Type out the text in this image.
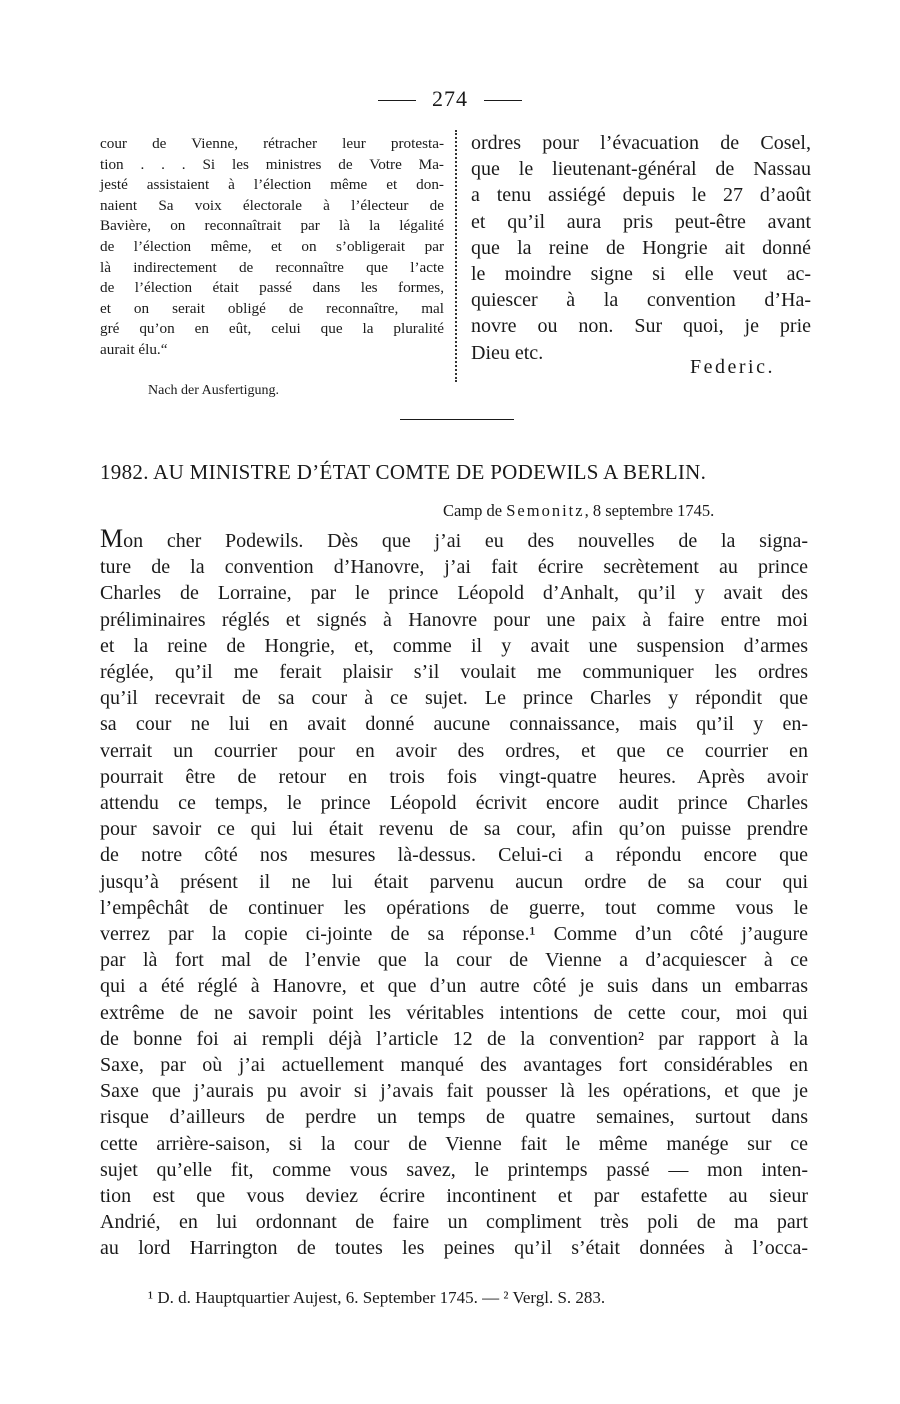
274
cour de Vienne, rétracher leur protesta-
tion . . . Si les ministres de Votre Ma-
jesté assistaient à l’élection même et don-
naient Sa voix électorale à l’électeur de
Bavière, on reconnaîtrait par là la légalité
de l’élection même, et on s’obligerait par
là indirectement de reconnaître que l’acte
de l’élection était passé dans les formes,
et on serait obligé de reconnaître, mal
gré qu’on en eût, celui que la pluralité
aurait élu.“
ordres pour l’évacuation de Cosel,
que le lieutenant-général de Nassau
a tenu assiégé depuis le 27 d’août
et qu’il aura pris peut-être avant
que la reine de Hongrie ait donné
le moindre signe si elle veut ac-
quiescer à la convention d’Ha-
novre ou non. Sur quoi, je prie
Dieu etc.
Federic.
Nach der Ausfertigung.
1982. AU MINISTRE D’ÉTAT COMTE DE PODEWILS A BERLIN.
Camp de Semonitz, 8 septembre 1745.
Mon cher Podewils. Dès que j’ai eu des nouvelles de la signa-
ture de la convention d’Hanovre, j’ai fait écrire secrètement au prince
Charles de Lorraine, par le prince Léopold d’Anhalt, qu’il y avait des
préliminaires réglés et signés à Hanovre pour une paix à faire entre moi
et la reine de Hongrie, et, comme il y avait une suspension d’armes
réglée, qu’il me ferait plaisir s’il voulait me communiquer les ordres
qu’il recevrait de sa cour à ce sujet. Le prince Charles y répondit que
sa cour ne lui en avait donné aucune connaissance, mais qu’il y en-
verrait un courrier pour en avoir des ordres, et que ce courrier en
pourrait être de retour en trois fois vingt-quatre heures. Après avoir
attendu ce temps, le prince Léopold écrivit encore audit prince Charles
pour savoir ce qui lui était revenu de sa cour, afin qu’on puisse prendre
de notre côté nos mesures là-dessus. Celui-ci a répondu encore que
jusqu’à présent il ne lui était parvenu aucun ordre de sa cour qui
l’empêchât de continuer les opérations de guerre, tout comme vous le
verrez par la copie ci-jointe de sa réponse.¹ Comme d’un côté j’augure
par là fort mal de l’envie que la cour de Vienne a d’acquiescer à ce
qui a été réglé à Hanovre, et que d’un autre côté je suis dans un embarras
extrême de ne savoir point les véritables intentions de cette cour, moi qui
de bonne foi ai rempli déjà l’article 12 de la convention² par rapport à la
Saxe, par où j’ai actuellement manqué des avantages fort considérables en
Saxe que j’aurais pu avoir si j’avais fait pousser là les opérations, et que je
risque d’ailleurs de perdre un temps de quatre semaines, surtout dans
cette arrière-saison, si la cour de Vienne fait le même manége sur ce
sujet qu’elle fit, comme vous savez, le printemps passé — mon inten-
tion est que vous deviez écrire incontinent et par estafette au sieur
Andrié, en lui ordonnant de faire un compliment très poli de ma part
au lord Harrington de toutes les peines qu’il s’était données à l’occa-
¹ D. d. Hauptquartier Aujest, 6. September 1745. — ² Vergl. S. 283.
